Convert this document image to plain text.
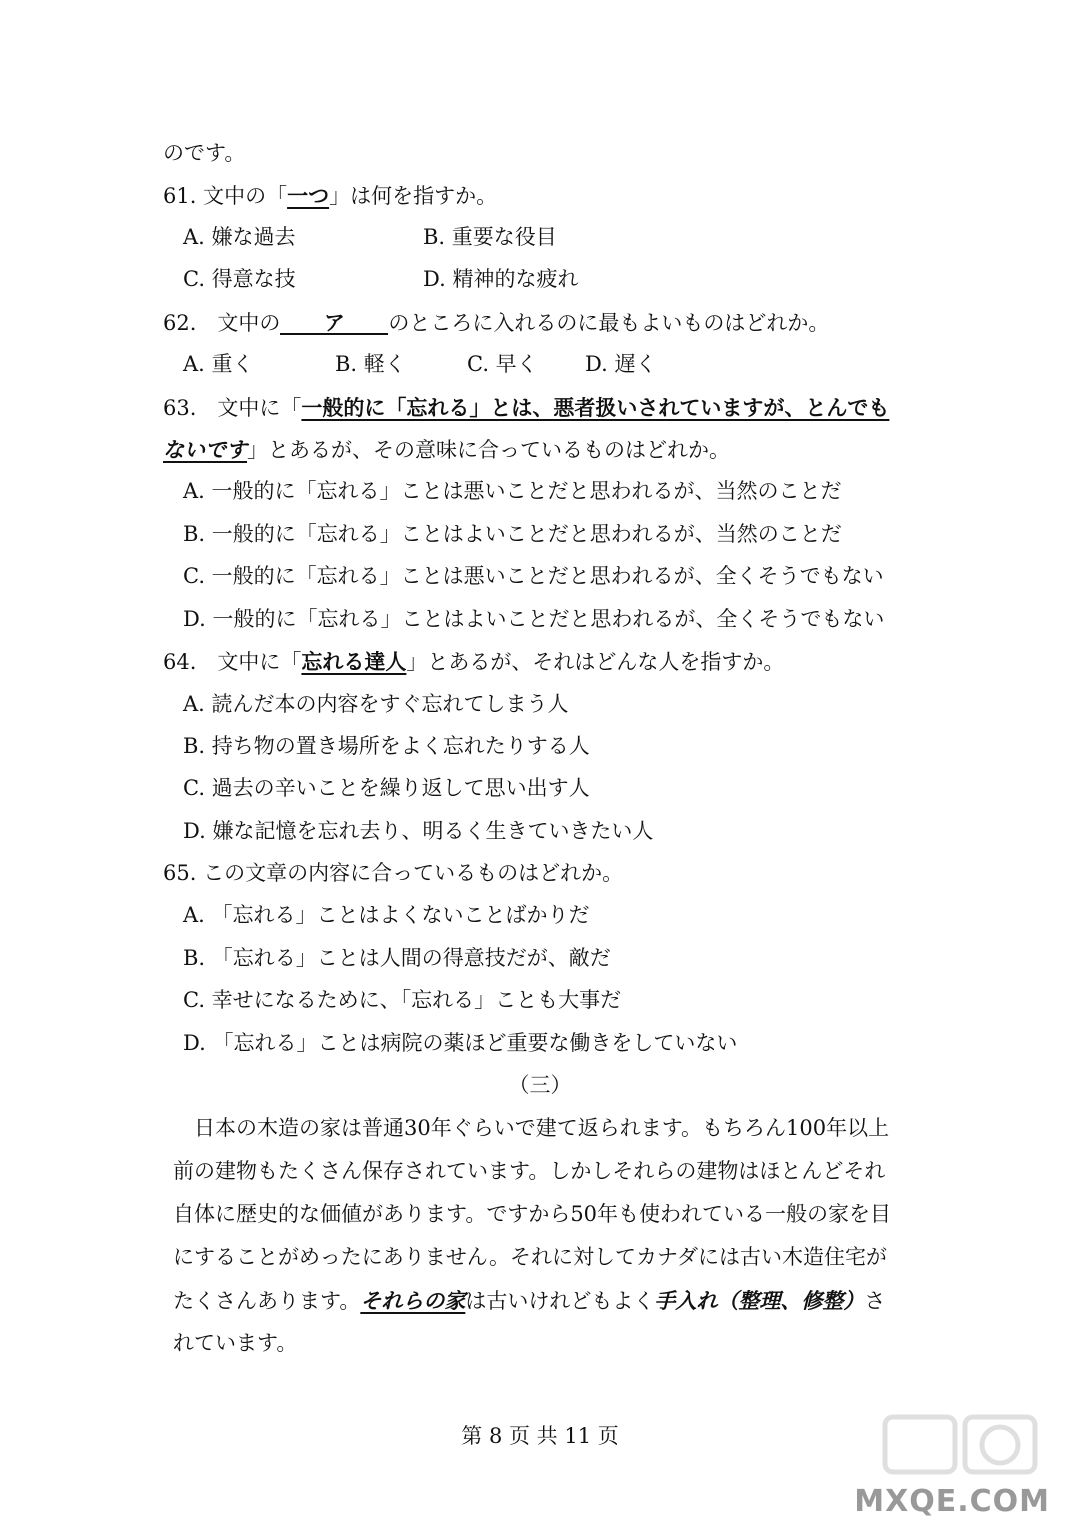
のです。
61. 文中の「一つ」は何を指すか。
A. 嫌な過去	B. 重要な役目
C. 得意な技	D. 精神的な疲れ
62.　文中の ア のところに入れるのに最もよいものはどれか。
A. 重く	B. 軽く	C. 早く D. 遅く
63.　文中に「一般的に「忘れる」とは、悪者扱いされていますが、とんでも
ないです」とあるが、その意味に合っているものはどれか。
A. 一般的に「忘れる」ことは悪いことだと思われるが、当然のことだ
B. 一般的に「忘れる」ことはよいことだと思われるが、当然のことだ
C. 一般的に「忘れる」ことは悪いことだと思われるが、全くそうでもない
D. 一般的に「忘れる」ことはよいことだと思われるが、全くそうでもない
64.　文中に「忘れる達人」とあるが、それはどんな人を指すか。
A. 読んだ本の内容をすぐ忘れてしまう人
B. 持ち物の置き場所をよく忘れたりする人
C. 過去の辛いことを繰り返して思い出す人
D. 嫌な記憶を忘れ去り、明るく生きていきたい人
65. この文章の内容に合っているものはどれか。
A. 「忘れる」ことはよくないことばかりだ
B. 「忘れる」ことは人間の得意技だが、敵だ
C. 幸せになるために、「忘れる」ことも大事だ
D. 「忘れる」ことは病院の薬ほど重要な働きをしていない
（三）
　日本の木造の家は普通30年ぐらいで建て返られます。もちろん100年以上
前の建物もたくさん保存されています。しかしそれらの建物はほとんどそれ
自体に歴史的な価値があります。ですから50年も使われている一般の家を目
にすることがめったにありません。それに対してカナダには古い木造住宅が
たくさんあります。それらの家は古いけれどもよく手入れ（整理、修整）さ
れています。
第 8 页 共 11 页
MXQE.COM
